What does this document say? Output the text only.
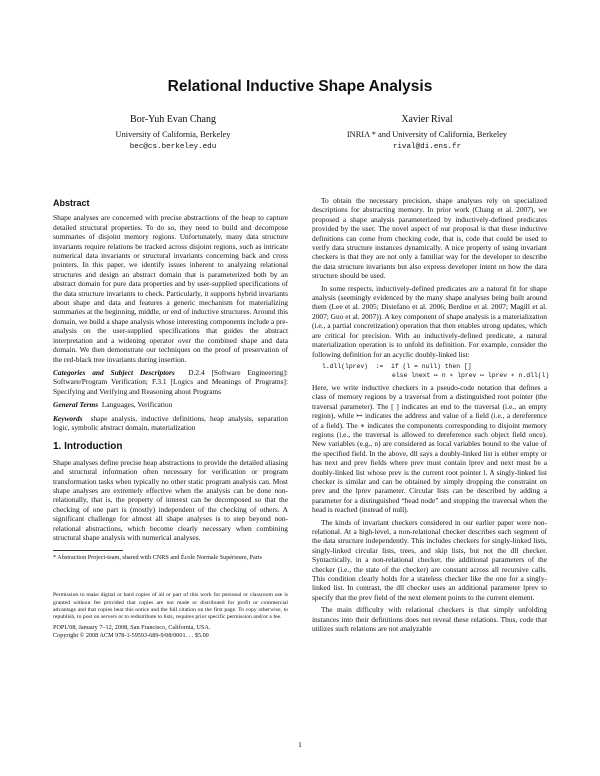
Relational Inductive Shape Analysis
Bor-Yuh Evan Chang
University of California, Berkeley
bec@cs.berkeley.edu
Xavier Rival
INRIA * and University of California, Berkeley
rival@di.ens.fr
Abstract

Shape analyses are concerned with precise abstractions of the heap to capture detailed structural properties. To do so, they need to build and decompose summaries of disjoint memory regions. Unfortunately, many data structure invariants require relations be tracked across disjoint regions, such as intricate numerical data invariants or structural invariants concerning back and cross pointers. In this paper, we identify issues inherent to analyzing relational structures and design an abstract domain that is parameterized both by an abstract domain for pure data properties and by user-supplied specifications of the data structure invariants to check. Particularly, it supports hybrid invariants about shape and data and features a generic mechanism for materializing summaries at the beginning, middle, or end of inductive structures. Around this domain, we build a shape analysis whose interesting components include a pre-analysis on the user-supplied specifications that guides the abstract interpretation and a widening operator over the combined shape and data domain. We then demonstrate our techniques on the proof of preservation of the red-black tree invariants during insertion.

Categories and Subject Descriptors D.2.4 [Software Engineering]: Software/Program Verification; F.3.1 [Logics and Meanings of Programs]: Specifying and Verifying and Reasoning about Programs

General Terms Languages, Verification

Keywords shape analysis, inductive definitions, heap analysis, separation logic, symbolic abstract domain, materialization

1. Introduction

Shape analyses define precise heap abstractions to provide the detailed aliasing and structural information often necessary for verification or program transformation tasks when typically no other static program analysis can. Most shape analyses are extremely effective when the analysis can be done non-relationally, that is, the property of interest can be decomposed so that the checking of one part is (mostly) independent of the checking of others. A significant challenge for almost all shape analyses is to step beyond non-relational abstractions, which become clearly necessary when combining structural shape analysis with numerical analyses.

* Abstraction Project-team, shared with CNRS and École Normale Supérieure, Paris

Permission to make digital or hard copies of all or part of this work for personal or classroom use is granted without fee provided that copies are not made or distributed for profit or commercial advantage and that copies bear this notice and the full citation on the first page. To copy otherwise, to republish, to post on servers or to redistribute to lists, requires prior specific permission and/or a fee.

POPL'08, January 7–12, 2008, San Francisco, California, USA.

Copyright © 2008 ACM 978-1-59593-689-9/08/0001. . . $5.00

To obtain the necessary precision, shape analyses rely on specialized descriptions for abstracting memory. In prior work (Chang et al. 2007), we proposed a shape analysis parameterized by inductively-defined predicates provided by the user. The novel aspect of our proposal is that these inductive definitions can come from checking code, that is, code that could be used to verify data structure instances dynamically. A nice property of using invariant checkers is that they are not only a familiar way for the developer to describe the data structure invariants but also express developer intent on how the data structure should be used.

In some respects, inductively-defined predicates are a natural fit for shape analysis (seemingly evidenced by the many shape analyses being built around them (Lee et al. 2005; Distefano et al. 2006; Berdine et al. 2007; Magill et al. 2007; Guo et al. 2007)). A key component of shape analysis is a materialization (i.e., a partial concretization) operation that then enables strong updates, which are critical for precision. With an inductively-defined predicate, a natural materialization operation is to unfold its definition. For example, consider the following definition for an acyclic doubly-linked list:

l.dll(lprev)  :=  if (l = null) then []
else lnext ↦ n ∗ lprev ↦ lprev ∗ n.dll(l)

Here, we write inductive checkers in a pseudo-code notation that defines a class of memory regions by a traversal from a distinguished root pointer (the traversal parameter). The [ ] indicates an end to the traversal (i.e., an empty region), while ↦ indicates the address and value of a field (i.e., a dereference of a field). The ∗ indicates the components corresponding to disjoint memory regions (i.e., the traversal is allowed to dereference each object field once). New variables (e.g., n) are considered as local variables bound to the value of the specified field. In the above, dll says a doubly-linked list is either empty or has next and prev fields where prev must contain lprev and next must be a doubly-linked list whose prev is the current root pointer l. A singly-linked list checker is similar and can be obtained by simply dropping the constraint on prev and the lprev parameter. Circular lists can be described by adding a parameter for a distinguished “head node” and stopping the traversal when the head is reached (instead of null).

The kinds of invariant checkers considered in our earlier paper were non-relational. At a high-level, a non-relational checker describes each segment of the data structure independently. This includes checkers for singly-linked lists, singly-linked circular lists, trees, and skip lists, but not the dll checker. Syntactically, in a non-relational checker, the additional parameters of the checker (i.e., the state of the checker) are constant across all recursive calls. This condition clearly holds for a stateless checker like the one for a singly-linked list. In contrast, the dll checker uses an additional parameter lprev to specify that the prev field of the next element points to the current element.

The main difficulty with relational checkers is that simply unfolding instances into their definitions does not reveal these relations. Thus, code that utilizes such relations are not analyzable

1
